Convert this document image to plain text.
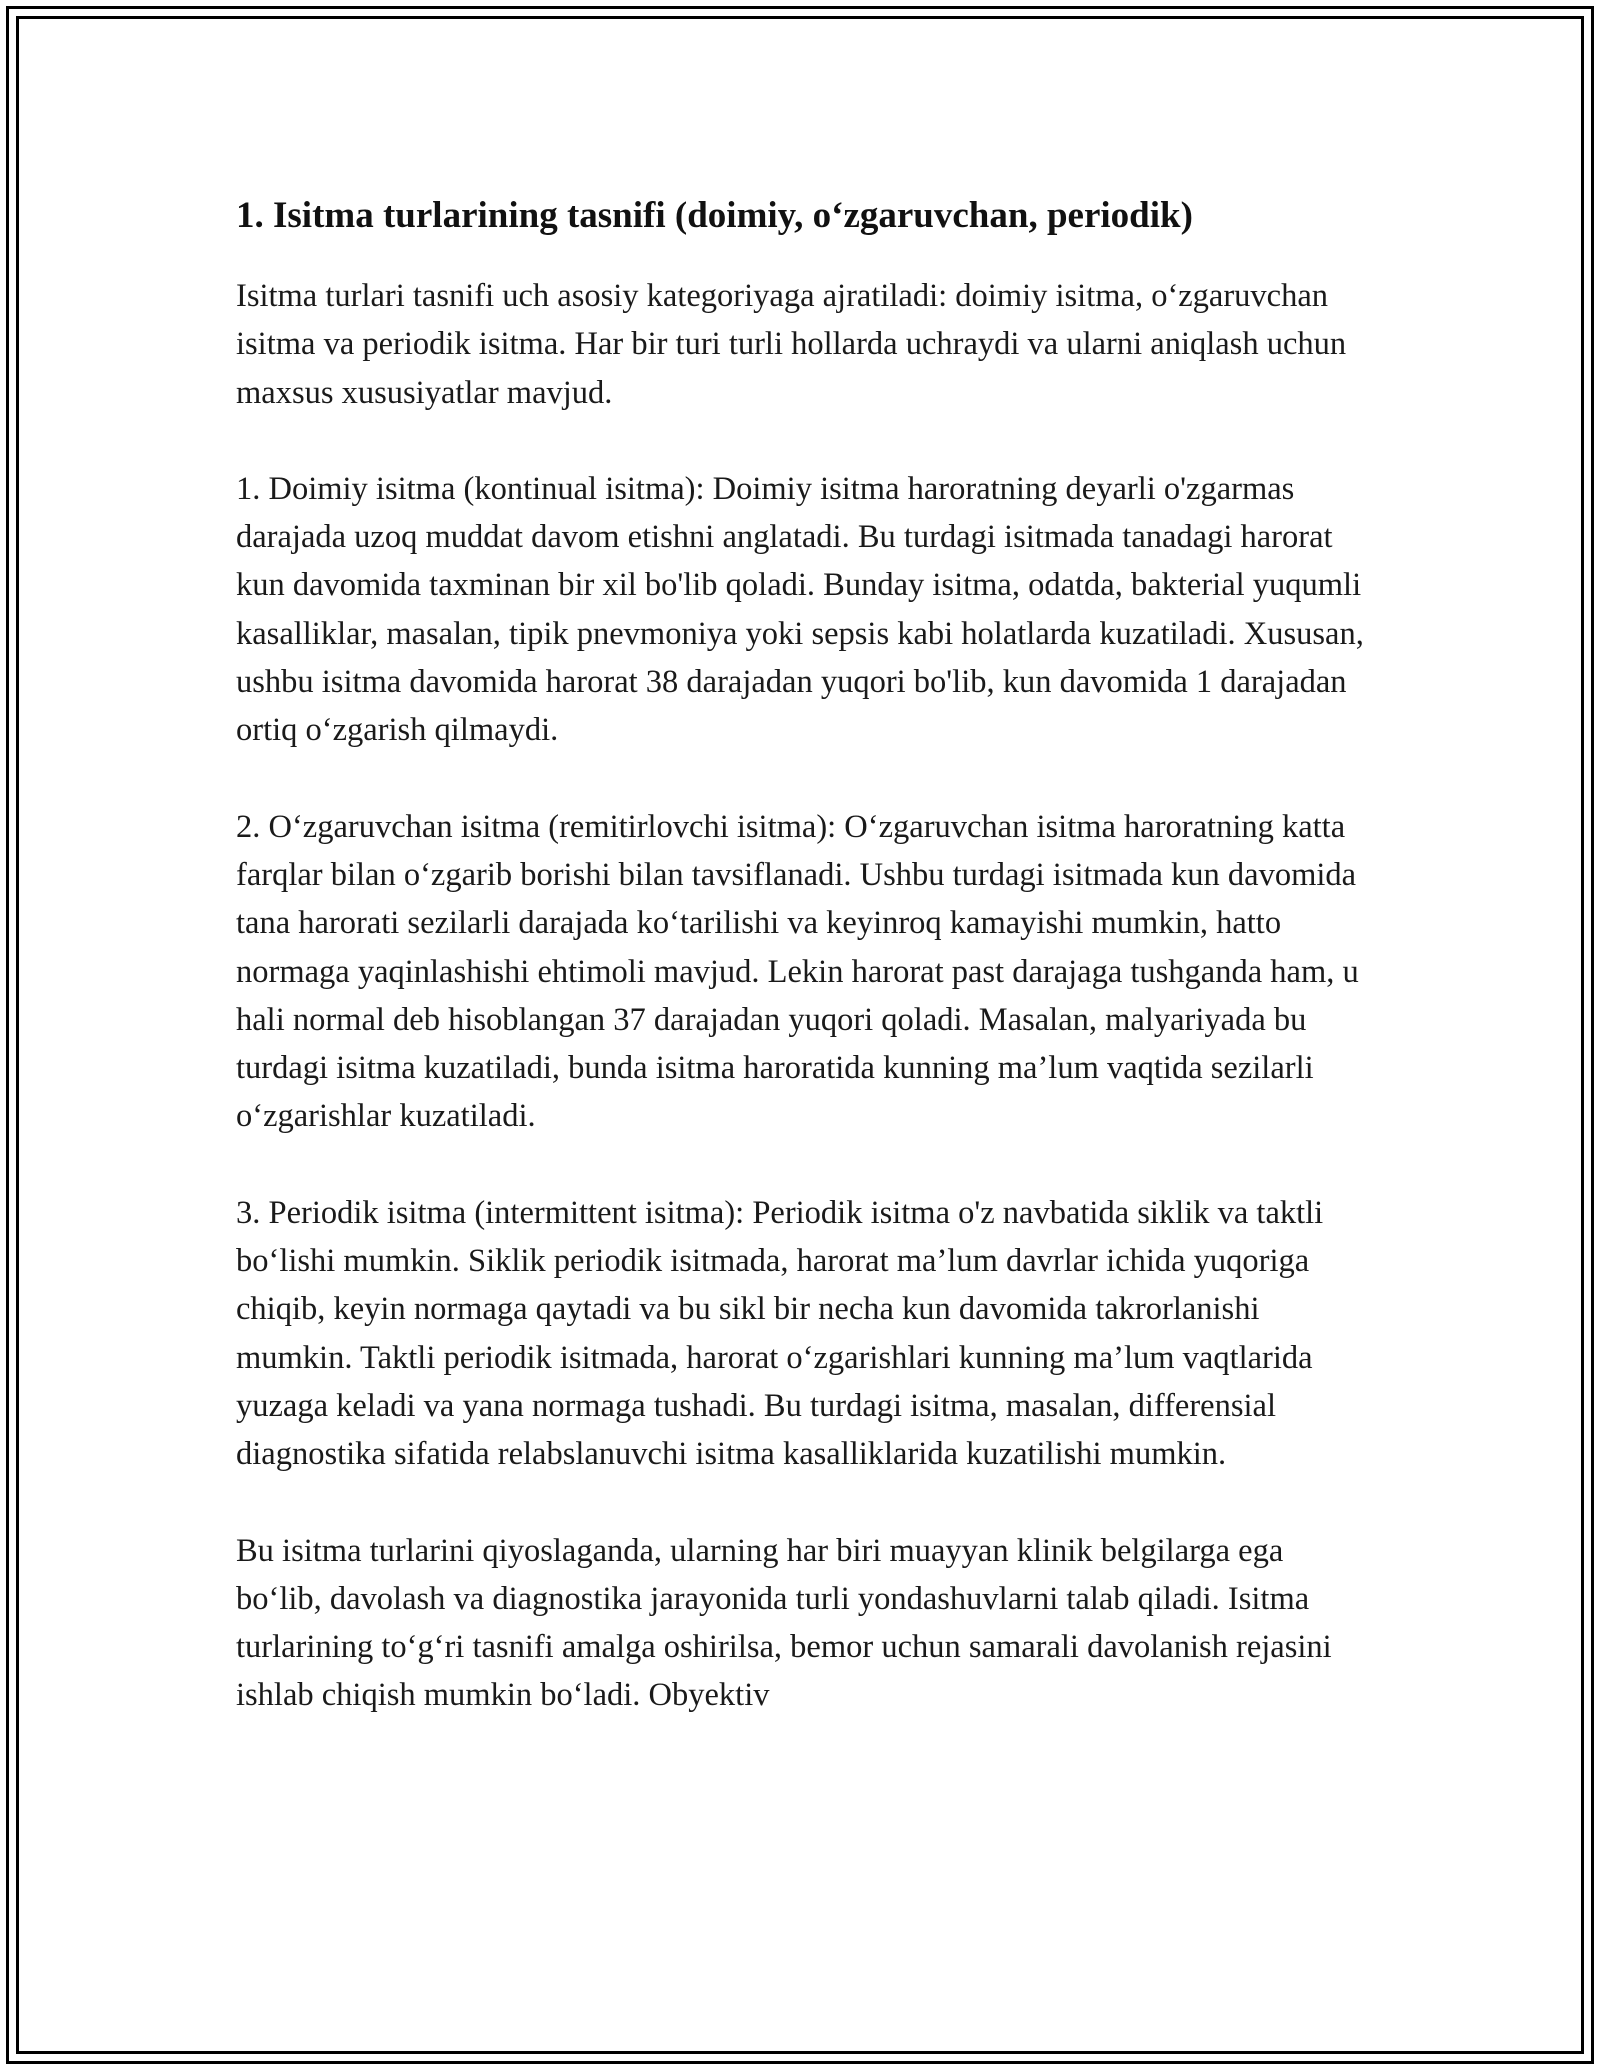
1. Isitma turlarining tasnifi (doimiy, o‘zgaruvchan, periodik)

Isitma turlari tasnifi uch asosiy kategoriyaga ajratiladi: doimiy isitma, o‘zgaruvchan isitma va periodik isitma. Har bir turi turli hollarda uchraydi va ularni aniqlash uchun maxsus xususiyatlar mavjud.

1. Doimiy isitma (kontinual isitma): Doimiy isitma haroratning deyarli o'zgarmas darajada uzoq muddat davom etishni anglatadi. Bu turdagi isitmada tanadagi harorat kun davomida taxminan bir xil bo'lib qoladi. Bunday isitma, odatda, bakterial yuqumli kasalliklar, masalan, tipik pnevmoniya yoki sepsis kabi holatlarda kuzatiladi. Xususan, ushbu isitma davomida harorat 38 darajadan yuqori bo'lib, kun davomida 1 darajadan ortiq o‘zgarish qilmaydi.

2. O‘zgaruvchan isitma (remitirlovchi isitma): O‘zgaruvchan isitma haroratning katta farqlar bilan o‘zgarib borishi bilan tavsiflanadi. Ushbu turdagi isitmada kun davomida tana harorati sezilarli darajada ko‘tarilishi va keyinroq kamayishi mumkin, hatto normaga yaqinlashishi ehtimoli mavjud. Lekin harorat past darajaga tushganda ham, u hali normal deb hisoblangan 37 darajadan yuqori qoladi. Masalan, malyariyada bu turdagi isitma kuzatiladi, bunda isitma haroratida kunning ma’lum vaqtida sezilarli o‘zgarishlar kuzatiladi.

3. Periodik isitma (intermittent isitma): Periodik isitma o'z navbatida siklik va taktli bo‘lishi mumkin. Siklik periodik isitmada, harorat ma’lum davrlar ichida yuqoriga chiqib, keyin normaga qaytadi va bu sikl bir necha kun davomida takrorlanishi mumkin. Taktli periodik isitmada, harorat o‘zgarishlari kunning ma’lum vaqtlarida yuzaga keladi va yana normaga tushadi. Bu turdagi isitma, masalan, differensial diagnostika sifatida relabslanuvchi isitma kasalliklarida kuzatilishi mumkin.

Bu isitma turlarini qiyoslaganda, ularning har biri muayyan klinik belgilarga ega bo‘lib, davolash va diagnostika jarayonida turli yondashuvlarni talab qiladi. Isitma turlarining to‘g‘ri tasnifi amalga oshirilsa, bemor uchun samarali davolanish rejasini ishlab chiqish mumkin bo‘ladi. Obyektiv
